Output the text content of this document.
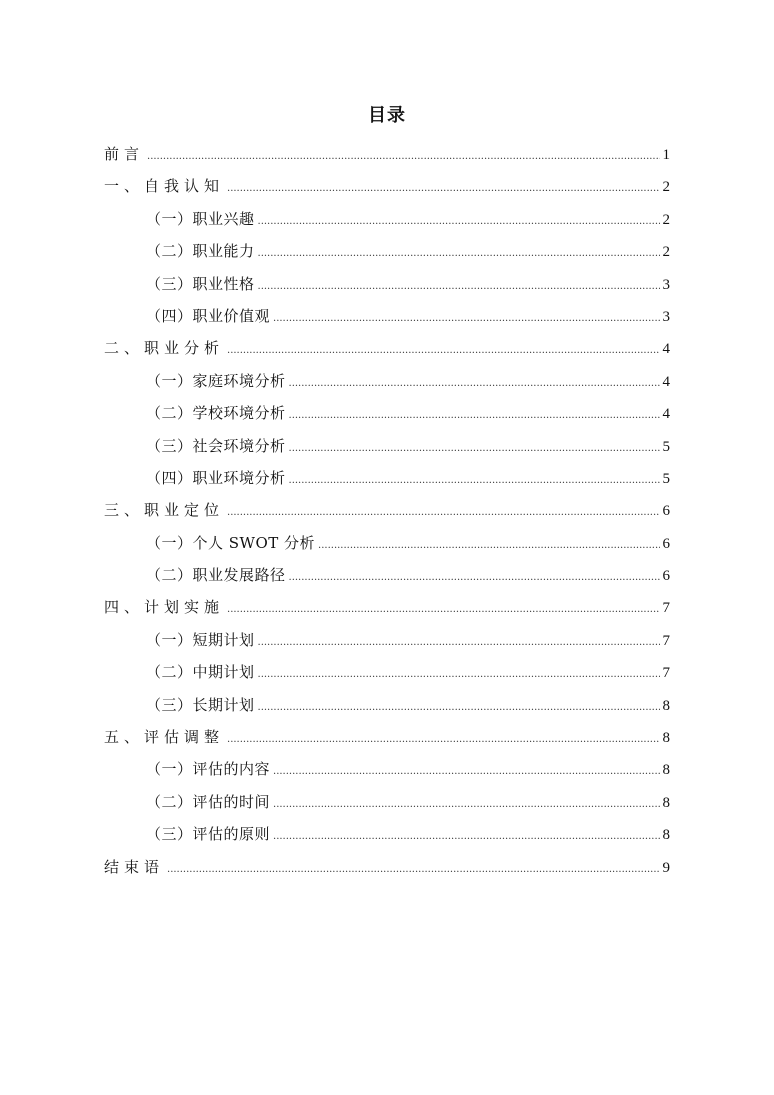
目录
前言 .....	1
一、自我认知 .....	2
（一）职业兴趣 .....	2
（二）职业能力 .....	2
（三）职业性格 .....	3
（四）职业价值观 .....	3
二、职业分析 .....	4
（一）家庭环境分析 .....	4
（二）学校环境分析 .....	4
（三）社会环境分析 .....	5
（四）职业环境分析 .....	5
三、职业定位 .....	6
（一）个人 SWOT 分析 .....	6
（二）职业发展路径 .....	6
四、计划实施 .....	7
（一）短期计划 .....	7
（二）中期计划 .....	7
（三）长期计划 .....	8
五、评估调整 .....	8
（一）评估的内容 .....	8
（二）评估的时间 .....	8
（三）评估的原则 .....	8
结束语 .....	9
